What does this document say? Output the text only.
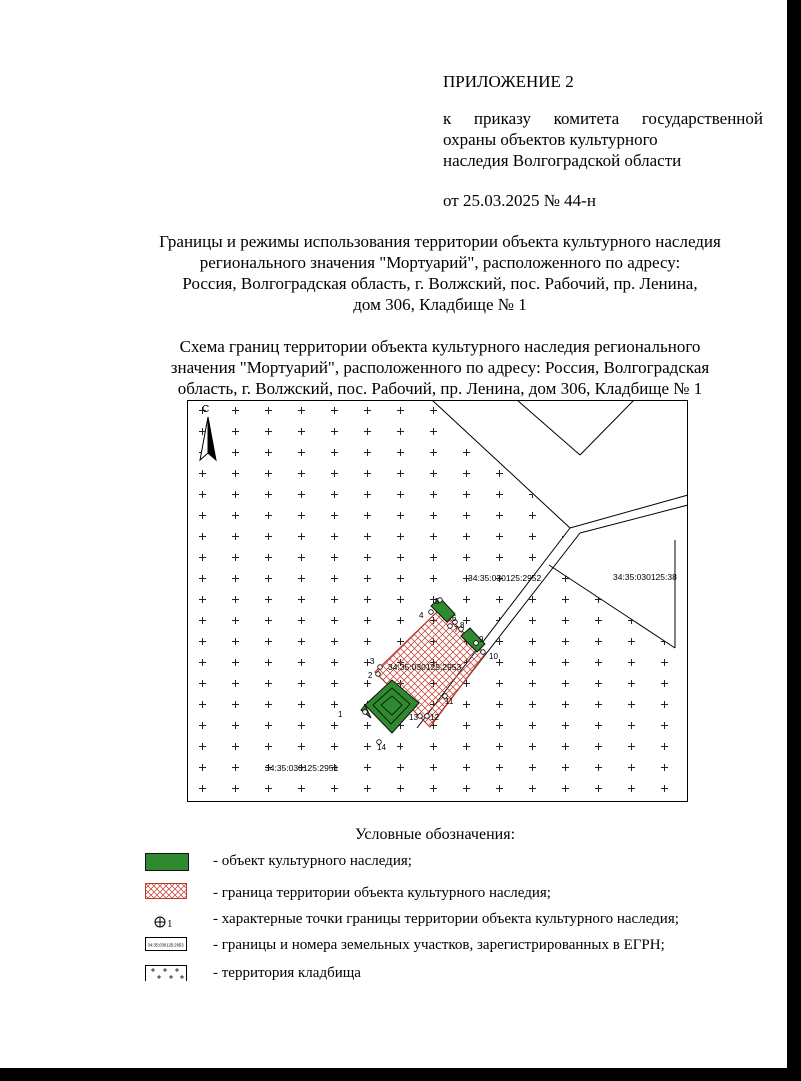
ПРИЛОЖЕНИЕ 2
к приказу комитета государственной
охраны объектов культурного
наследия Волгоградской области
от 25.03.2025 № 44-н
Границы и режимы использования территории объекта культурного наследия
регионального значения "Мортуарий", расположенного по адресу:
Россия, Волгоградская область, г. Волжский, пос. Рабочий, пр. Ленина,
дом 306, Кладбище № 1
Схема границ территории объекта культурного наследия регионального
значения "Мортуарий", расположенного по адресу: Россия, Волгоградская
область, г. Волжский, пос. Рабочий, пр. Ленина, дом 306, Кладбище № 1
1
2
3
4
5
6
7 8
9
10
11
12
13
14
34:35:030125:2952	34:35:030125:38
34:35:030125:2953
34:35:030125:2951
С
Условные обозначения:
- объект культурного наследия;
- граница территории объекта культурного наследия;
1	- характерные точки границы территории объекта культурного наследия;
34:35:030125:2953 - границы и номера земельных участков, зарегистрированных в ЕГРН;
- территория кладбища
